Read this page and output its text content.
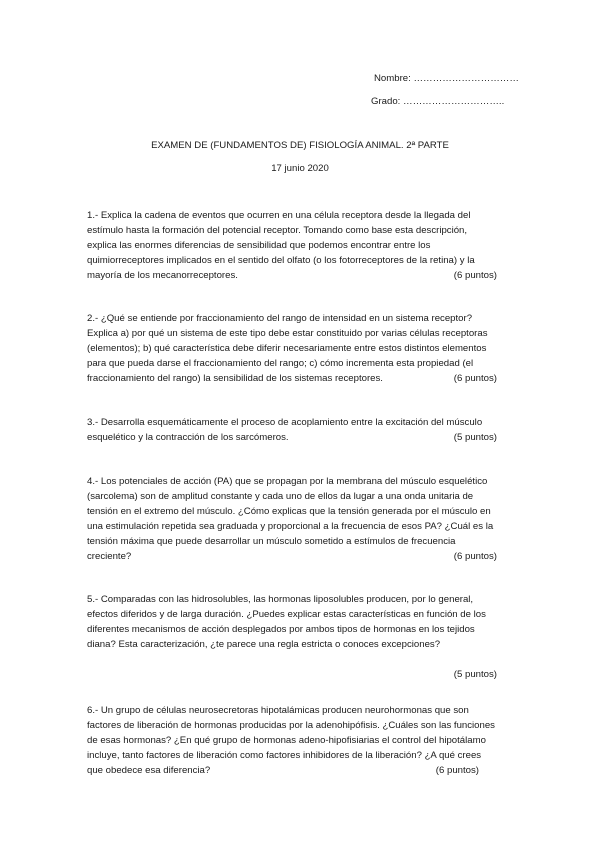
Nombre: ……………………………
Grado: …………………………..
EXAMEN DE (FUNDAMENTOS DE) FISIOLOGÍA ANIMAL. 2ª PARTE
17 junio 2020
1.- Explica la cadena de eventos que ocurren en una célula receptora desde la llegada del
estímulo hasta la formación del potencial receptor. Tomando como base esta descripción,
explica las enormes diferencias de sensibilidad que podemos encontrar entre los
quimiorreceptores implicados en el sentido del olfato (o los fotorreceptores de la retina) y la
mayoría de los mecanorreceptores.	(6 puntos)
2.- ¿Qué se entiende por fraccionamiento del rango de intensidad en un sistema receptor?
Explica a) por qué un sistema de este tipo debe estar constituido por varias células receptoras
(elementos); b) qué característica debe diferir necesariamente entre estos distintos elementos
para que pueda darse el fraccionamiento del rango; c) cómo incrementa esta propiedad (el
fraccionamiento del rango) la sensibilidad de los sistemas receptores.	(6 puntos)
3.- Desarrolla esquemáticamente el proceso de acoplamiento entre la excitación del músculo
esquelético y la contracción de los sarcómeros.	(5 puntos)
4.- Los potenciales de acción (PA) que se propagan por la membrana del músculo esquelético
(sarcolema) son de amplitud constante y cada uno de ellos da lugar a una onda unitaria de
tensión en el extremo del músculo. ¿Cómo explicas que la tensión generada por el músculo en
una estimulación repetida sea graduada y proporcional a la frecuencia de esos PA? ¿Cuál es la
tensión máxima que puede desarrollar un músculo sometido a estímulos de frecuencia
creciente?	(6 puntos)
5.- Comparadas con las hidrosolubles, las hormonas liposolubles producen, por lo general,
efectos diferidos y de larga duración. ¿Puedes explicar estas características en función de los
diferentes mecanismos de acción desplegados por ambos tipos de hormonas en los tejidos
diana? Esta caracterización, ¿te parece una regla estricta o conoces excepciones?
(5 puntos)
6.- Un grupo de células neurosecretoras hipotalámicas producen neurohormonas que son
factores de liberación de hormonas producidas por la adenohipófisis. ¿Cuáles son las funciones
de esas hormonas? ¿En qué grupo de hormonas adeno-hipofisiarias el control del hipotálamo
incluye, tanto factores de liberación como factores inhibidores de la liberación? ¿A qué crees
que obedece esa diferencia?	(6 puntos)
